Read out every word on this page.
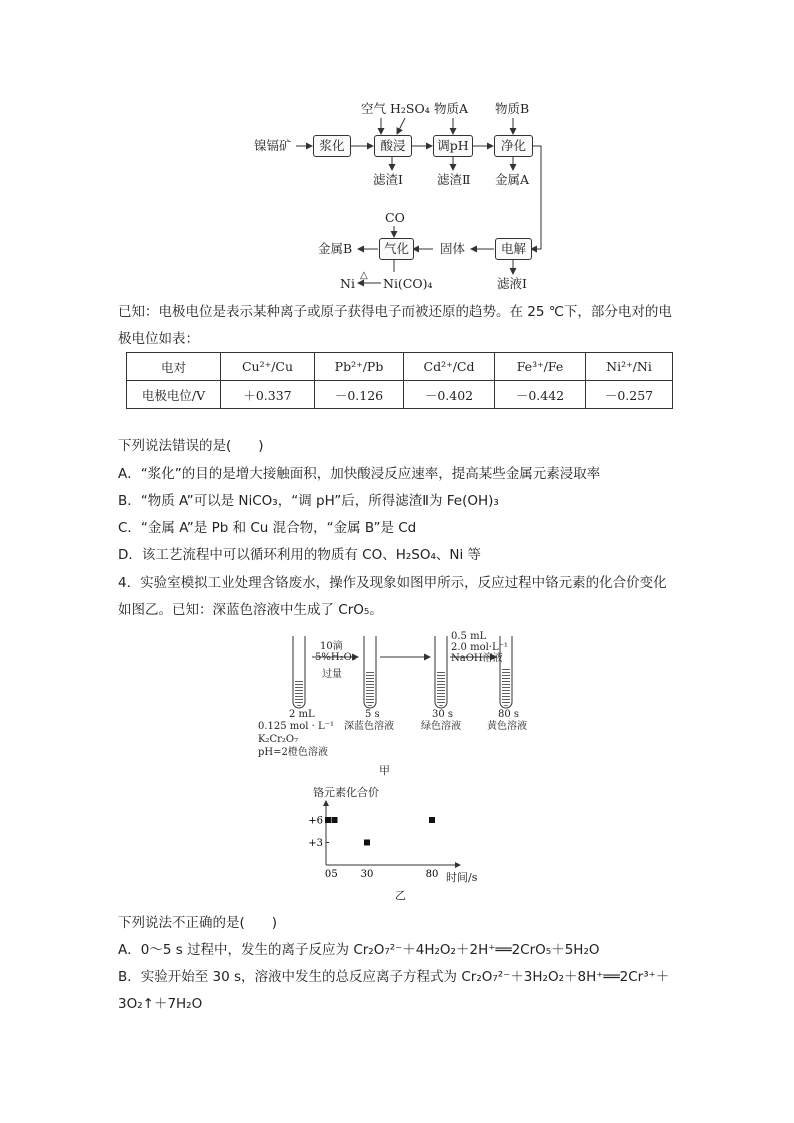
空气 H₂SO₄ 物质A 物质B
镍镉矿	浆化	酸浸	调pH	净化
滤渣Ⅰ	滤渣Ⅱ 金属A
CO
金属B	气化	固体	电解
滤液Ⅰ
Ni
△
Ni(CO)₄
已知：电极电位是表示某种离子或原子获得电子而被还原的趋势。在 25 ℃下，部分电对的电
极电位如表：
电对	Cu²⁺/Cu	Pb²⁺/Pb	Cd²⁺/Cd	Fe³⁺/Fe	Ni²⁺/Ni
电极电位/V	＋0.337	－0.126	－0.402	－0.442	－0.257
下列说法错误的是(　　)
A．“浆化”的目的是增大接触面积，加快酸浸反应速率，提高某些金属元素浸取率
B．“物质 A”可以是 NiCO₃，“调 pH”后，所得滤渣Ⅱ为 Fe(OH)₃
C．“金属 A”是 Pb 和 Cu 混合物，“金属 B”是 Cd
D．该工艺流程中可以循环利用的物质有 CO、H₂SO₄、Ni 等
4．实验室模拟工业处理含铬废水，操作及现象如图甲所示，反应过程中铬元素的化合价变化
如图乙。已知：深蓝色溶液中生成了 CrO₅。
10滴
5%H₂O₂
过量
0.5 mL
2.0 mol·L⁻¹
NaOH溶液
2 mL
0.125 mol · L⁻¹
K₂Cr₂O₇
pH=2橙色溶液
5 s
深蓝色溶液
30 s
绿色溶液
80 s
黄色溶液
甲
铬元素化合价
+6
+3
0 5 30	80 时间/s
乙
下列说法不正确的是(　　)
A．0～5 s 过程中，发生的离子反应为 Cr₂O₇²⁻＋4H₂O₂＋2H⁺══2CrO₅＋5H₂O
B．实验开始至 30 s，溶液中发生的总反应离子方程式为 Cr₂O₇²⁻＋3H₂O₂＋8H⁺══2Cr³⁺＋
3O₂↑＋7H₂O
